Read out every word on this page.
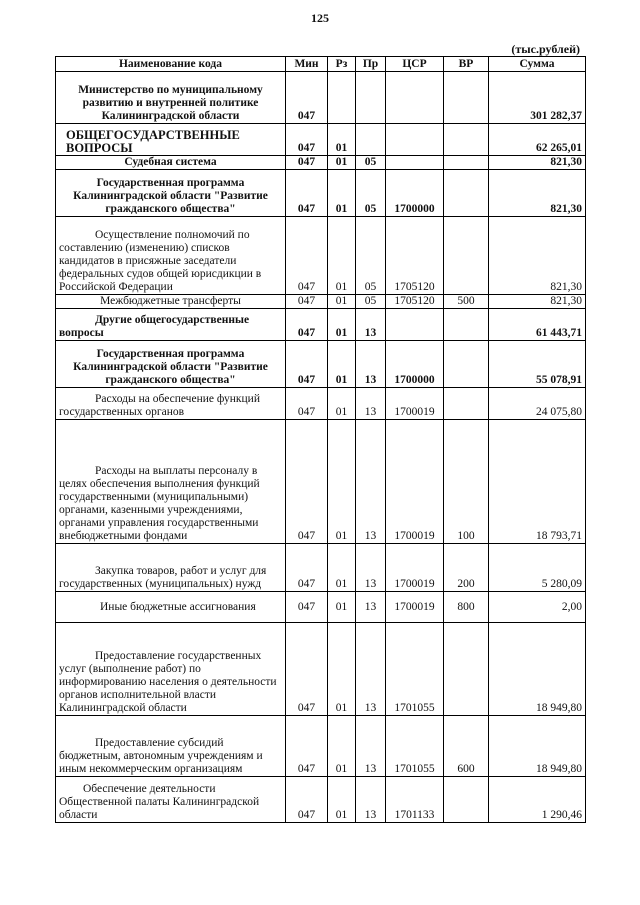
125
(тыс.рублей)
Наименование кода	Мин	Рз	Пр	ЦСР	ВР	Сумма
Министерство по муниципальному развитию и внутренней политике Калининградской области	047					301 282,37
ОБЩЕГОСУДАРСТВЕННЫЕ ВОПРОСЫ	047	01				62 265,01
Судебная система	047	01	05			821,30
Государственная программа Калининградской области "Развитие гражданского общества"	047	01	05	1700000		821,30
Осуществление полномочий по составлению (изменению) списков кандидатов в присяжные заседатели федеральных судов общей юрисдикции в Российской Федерации	047	01	05	1705120		821,30
Межбюджетные трансферты	047	01	05	1705120	500	821,30
Другие общегосударственные вопросы	047	01	13			61 443,71
Государственная программа Калининградской области "Развитие гражданского общества"	047	01	13	1700000		55 078,91
Расходы на обеспечение функций государственных органов	047	01	13	1700019		24 075,80
Расходы на выплаты персоналу в целях обеспечения выполнения функций государственными (муниципальными) органами, казенными учреждениями, органами управления государственными внебюджетными фондами	047	01	13	1700019	100	18 793,71
Закупка товаров, работ и услуг для государственных (муниципальных) нужд	047	01	13	1700019	200	5 280,09
Иные бюджетные ассигнования	047	01	13	1700019	800	2,00
Предоставление государственных услуг (выполнение работ) по информированию населения о деятельности органов исполнительной власти Калининградской области	047	01	13	1701055		18 949,80
Предоставление субсидий бюджетным, автономным учреждениям и иным некоммерческим организациям	047	01	13	1701055	600	18 949,80
Обеспечение деятельности Общественной палаты Калининградской области	047	01	13	1701133		1 290,46
